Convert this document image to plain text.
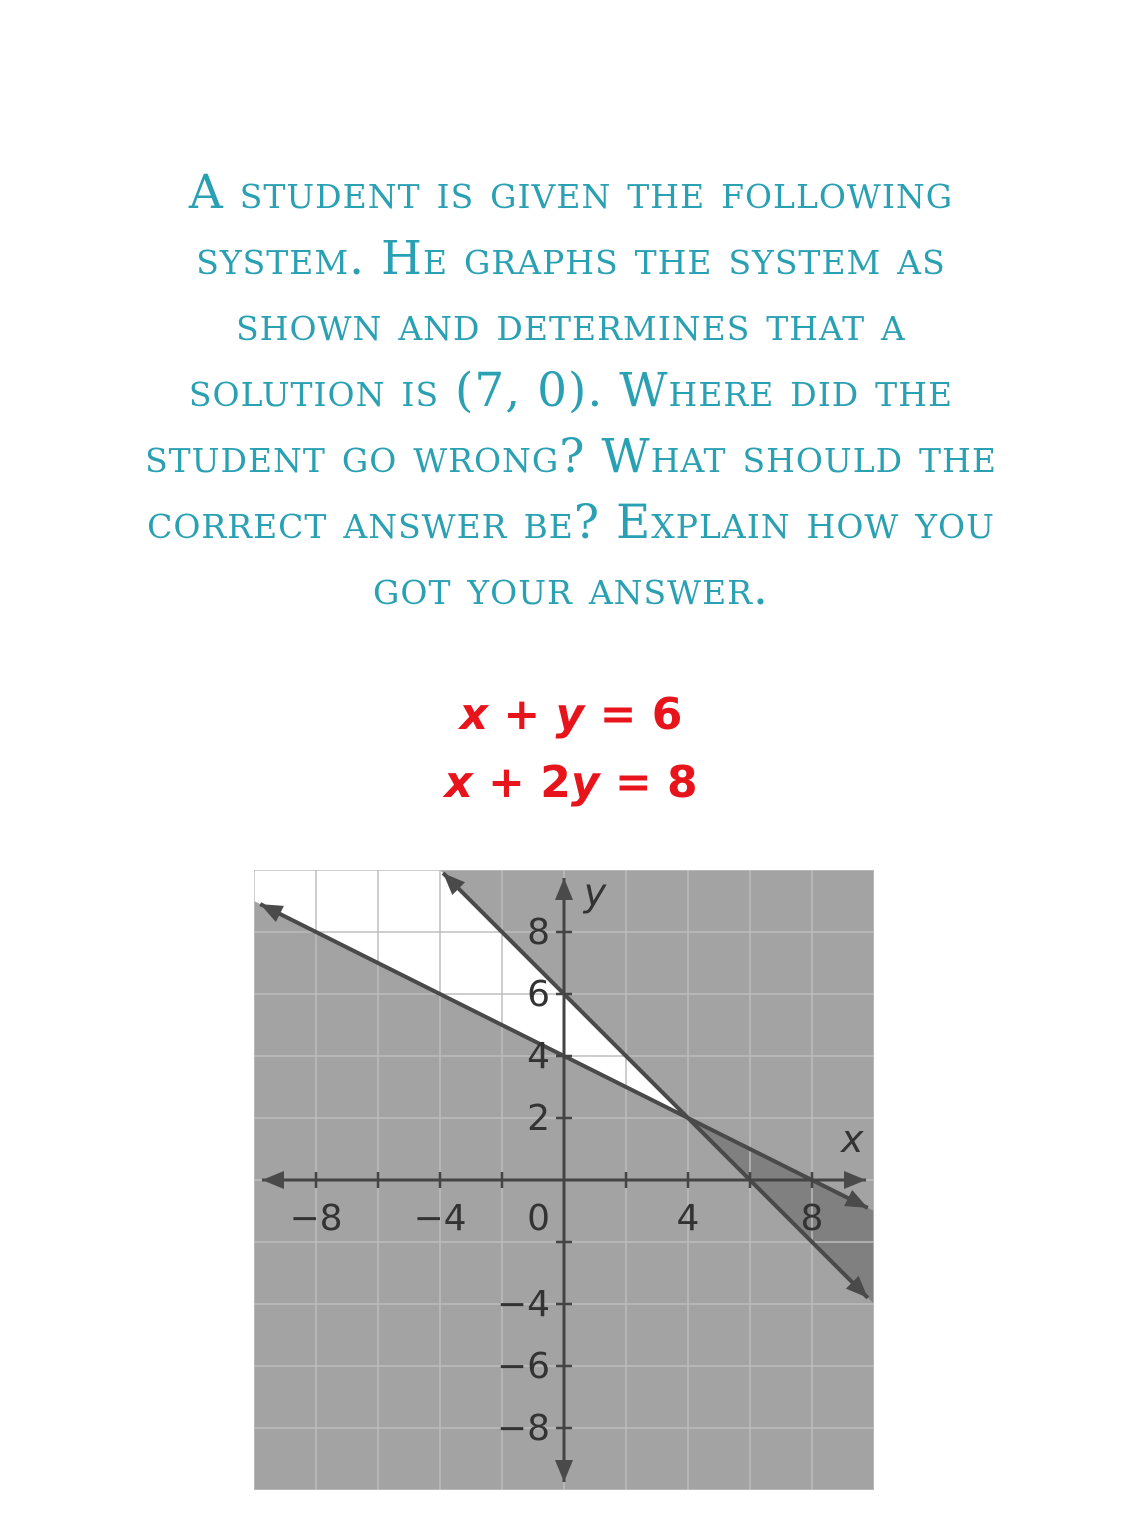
A student is given the following
system. He graphs the system as
shown and determines that a
solution is (7, 0). Where did the
student go wrong? What should the
correct answer be? Explain how you
got your answer.
x + y = 6
x + 2y = 8
−8 −4	4	8
8
6
4
2
−4
−6
−8
0
x
y
